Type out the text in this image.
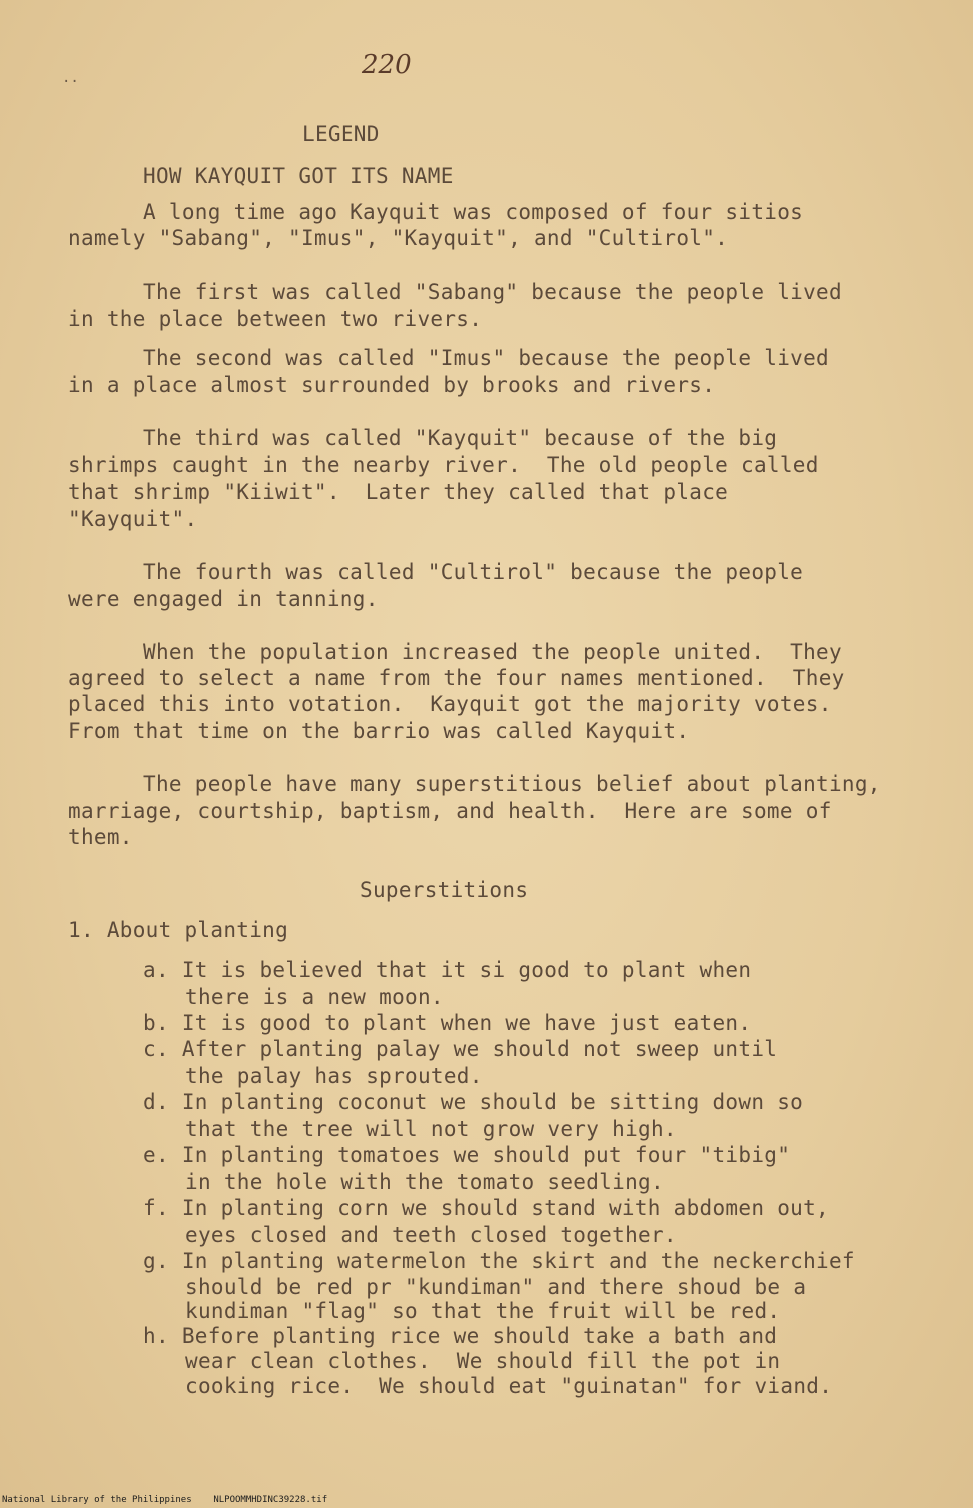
220
..
LEGEND
HOW KAYQUIT GOT ITS NAME
A long time ago Kayquit was composed of four sitios
namely "Sabang", "Imus", "Kayquit", and "Cultirol".
The first was called "Sabang" because the people lived
in the place between two rivers.
The second was called "Imus" because the people lived
in a place almost surrounded by brooks and rivers.
The third was called "Kayquit" because of the big
shrimps caught in the nearby river.  The old people called
that shrimp "Kiiwit".  Later they called that place
"Kayquit".
The fourth was called "Cultirol" because the people
were engaged in tanning.
When the population increased the people united.  They
agreed to select a name from the four names mentioned.  They
placed this into votation.  Kayquit got the majority votes.
From that time on the barrio was called Kayquit.
The people have many superstitious belief about planting,
marriage, courtship, baptism, and health.  Here are some of
them.
Superstitions
1. About planting
a. It is believed that it si good to plant when
there is a new moon.
b. It is good to plant when we have just eaten.
c. After planting palay we should not sweep until
the palay has sprouted.
d. In planting coconut we should be sitting down so
that the tree will not grow very high.
e. In planting tomatoes we should put four "tibig"
in the hole with the tomato seedling.
f. In planting corn we should stand with abdomen out,
eyes closed and teeth closed together.
g. In planting watermelon the skirt and the neckerchief
should be red pr "kundiman" and there shoud be a
kundiman "flag" so that the fruit will be red.
h. Before planting rice we should take a bath and
wear clean clothes.  We should fill the pot in
cooking rice.  We should eat "guinatan" for viand.
National Library of the Philippines    NLPOOMMHDINC39228.tif
